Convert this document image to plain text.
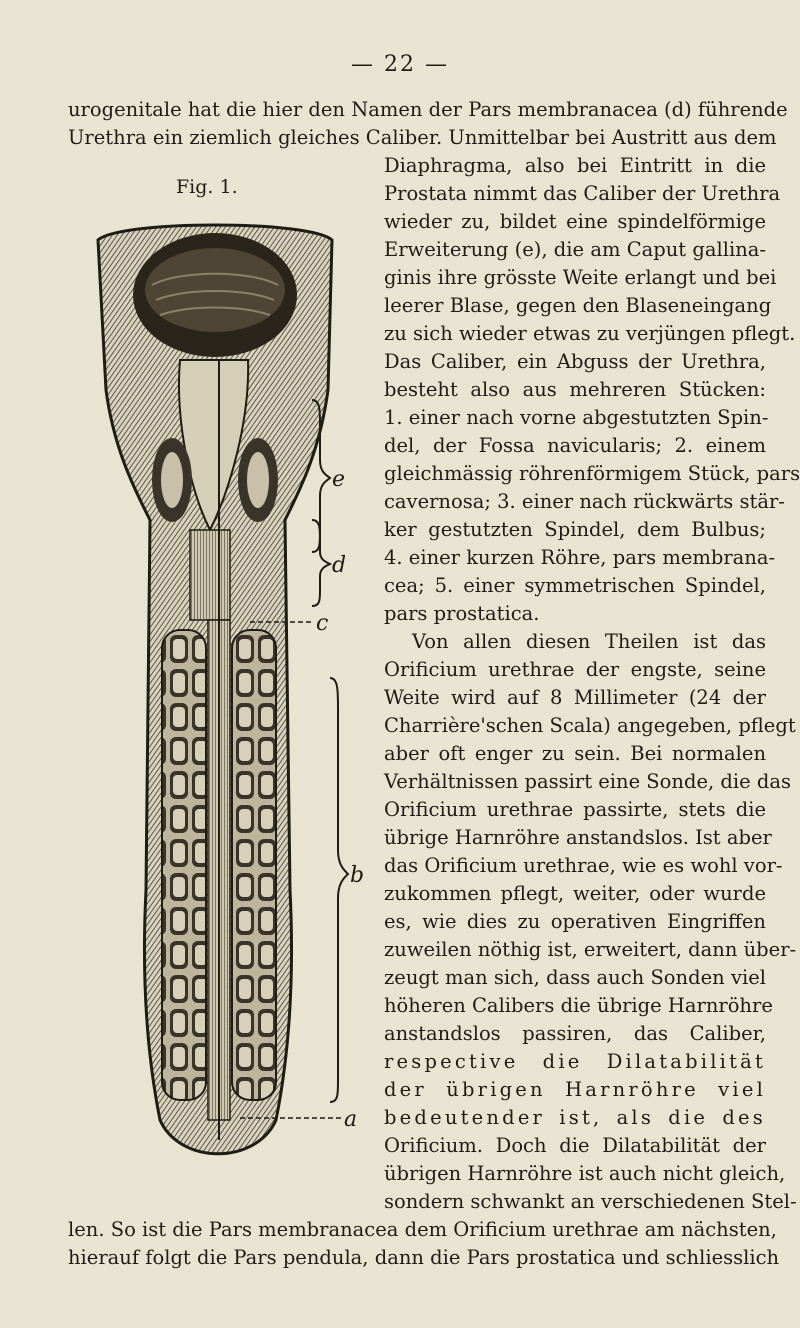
— 22 —
urogenitale hat die hier den Namen der Pars membranacea (d) führende
Urethra ein ziemlich gleiches Caliber. Unmittelbar bei Austritt aus dem
Fig. 1.
Diaphragma, also bei Eintritt in die
Prostata nimmt das Caliber der Urethra
wieder zu, bildet eine spindelförmige
Erweiterung (e), die am Caput gallina-
ginis ihre grösste Weite erlangt und bei
leerer Blase, gegen den Blaseneingang
zu sich wieder etwas zu verjüngen pflegt.
Das Caliber, ein Abguss der Urethra,
besteht also aus mehreren Stücken:
1. einer nach vorne abgestutzten Spin-
del, der Fossa navicularis; 2. einem
gleichmässig röhrenförmigem Stück, pars
cavernosa; 3. einer nach rückwärts stär-
ker gestutzten Spindel, dem Bulbus;
4. einer kurzen Röhre, pars membrana-
cea; 5. einer symmetrischen Spindel,
pars prostatica.
Von allen diesen Theilen ist das
Orificium urethrae der engste, seine
Weite wird auf 8 Millimeter (24 der
Charrière'schen Scala) angegeben, pflegt
aber oft enger zu sein. Bei normalen
Verhältnissen passirt eine Sonde, die das
Orificium urethrae passirte, stets die
übrige Harnröhre anstandslos. Ist aber
das Orificium urethrae, wie es wohl vor-
zukommen pflegt, weiter, oder wurde
es, wie dies zu operativen Eingriffen
zuweilen nöthig ist, erweitert, dann über-
zeugt man sich, dass auch Sonden viel
höheren Calibers die übrige Harnröhre
anstandslos passiren, das Caliber,
respective die Dilatabilität
der übrigen Harnröhre viel
bedeutender ist, als die des
Orificium. Doch die Dilatabilität der
übrigen Harnröhre ist auch nicht gleich,
sondern schwankt an verschiedenen Stel-
len. So ist die Pars membranacea dem Orificium urethrae am nächsten,
hierauf folgt die Pars pendula, dann die Pars prostatica und schliesslich
e
d
c
b
a
